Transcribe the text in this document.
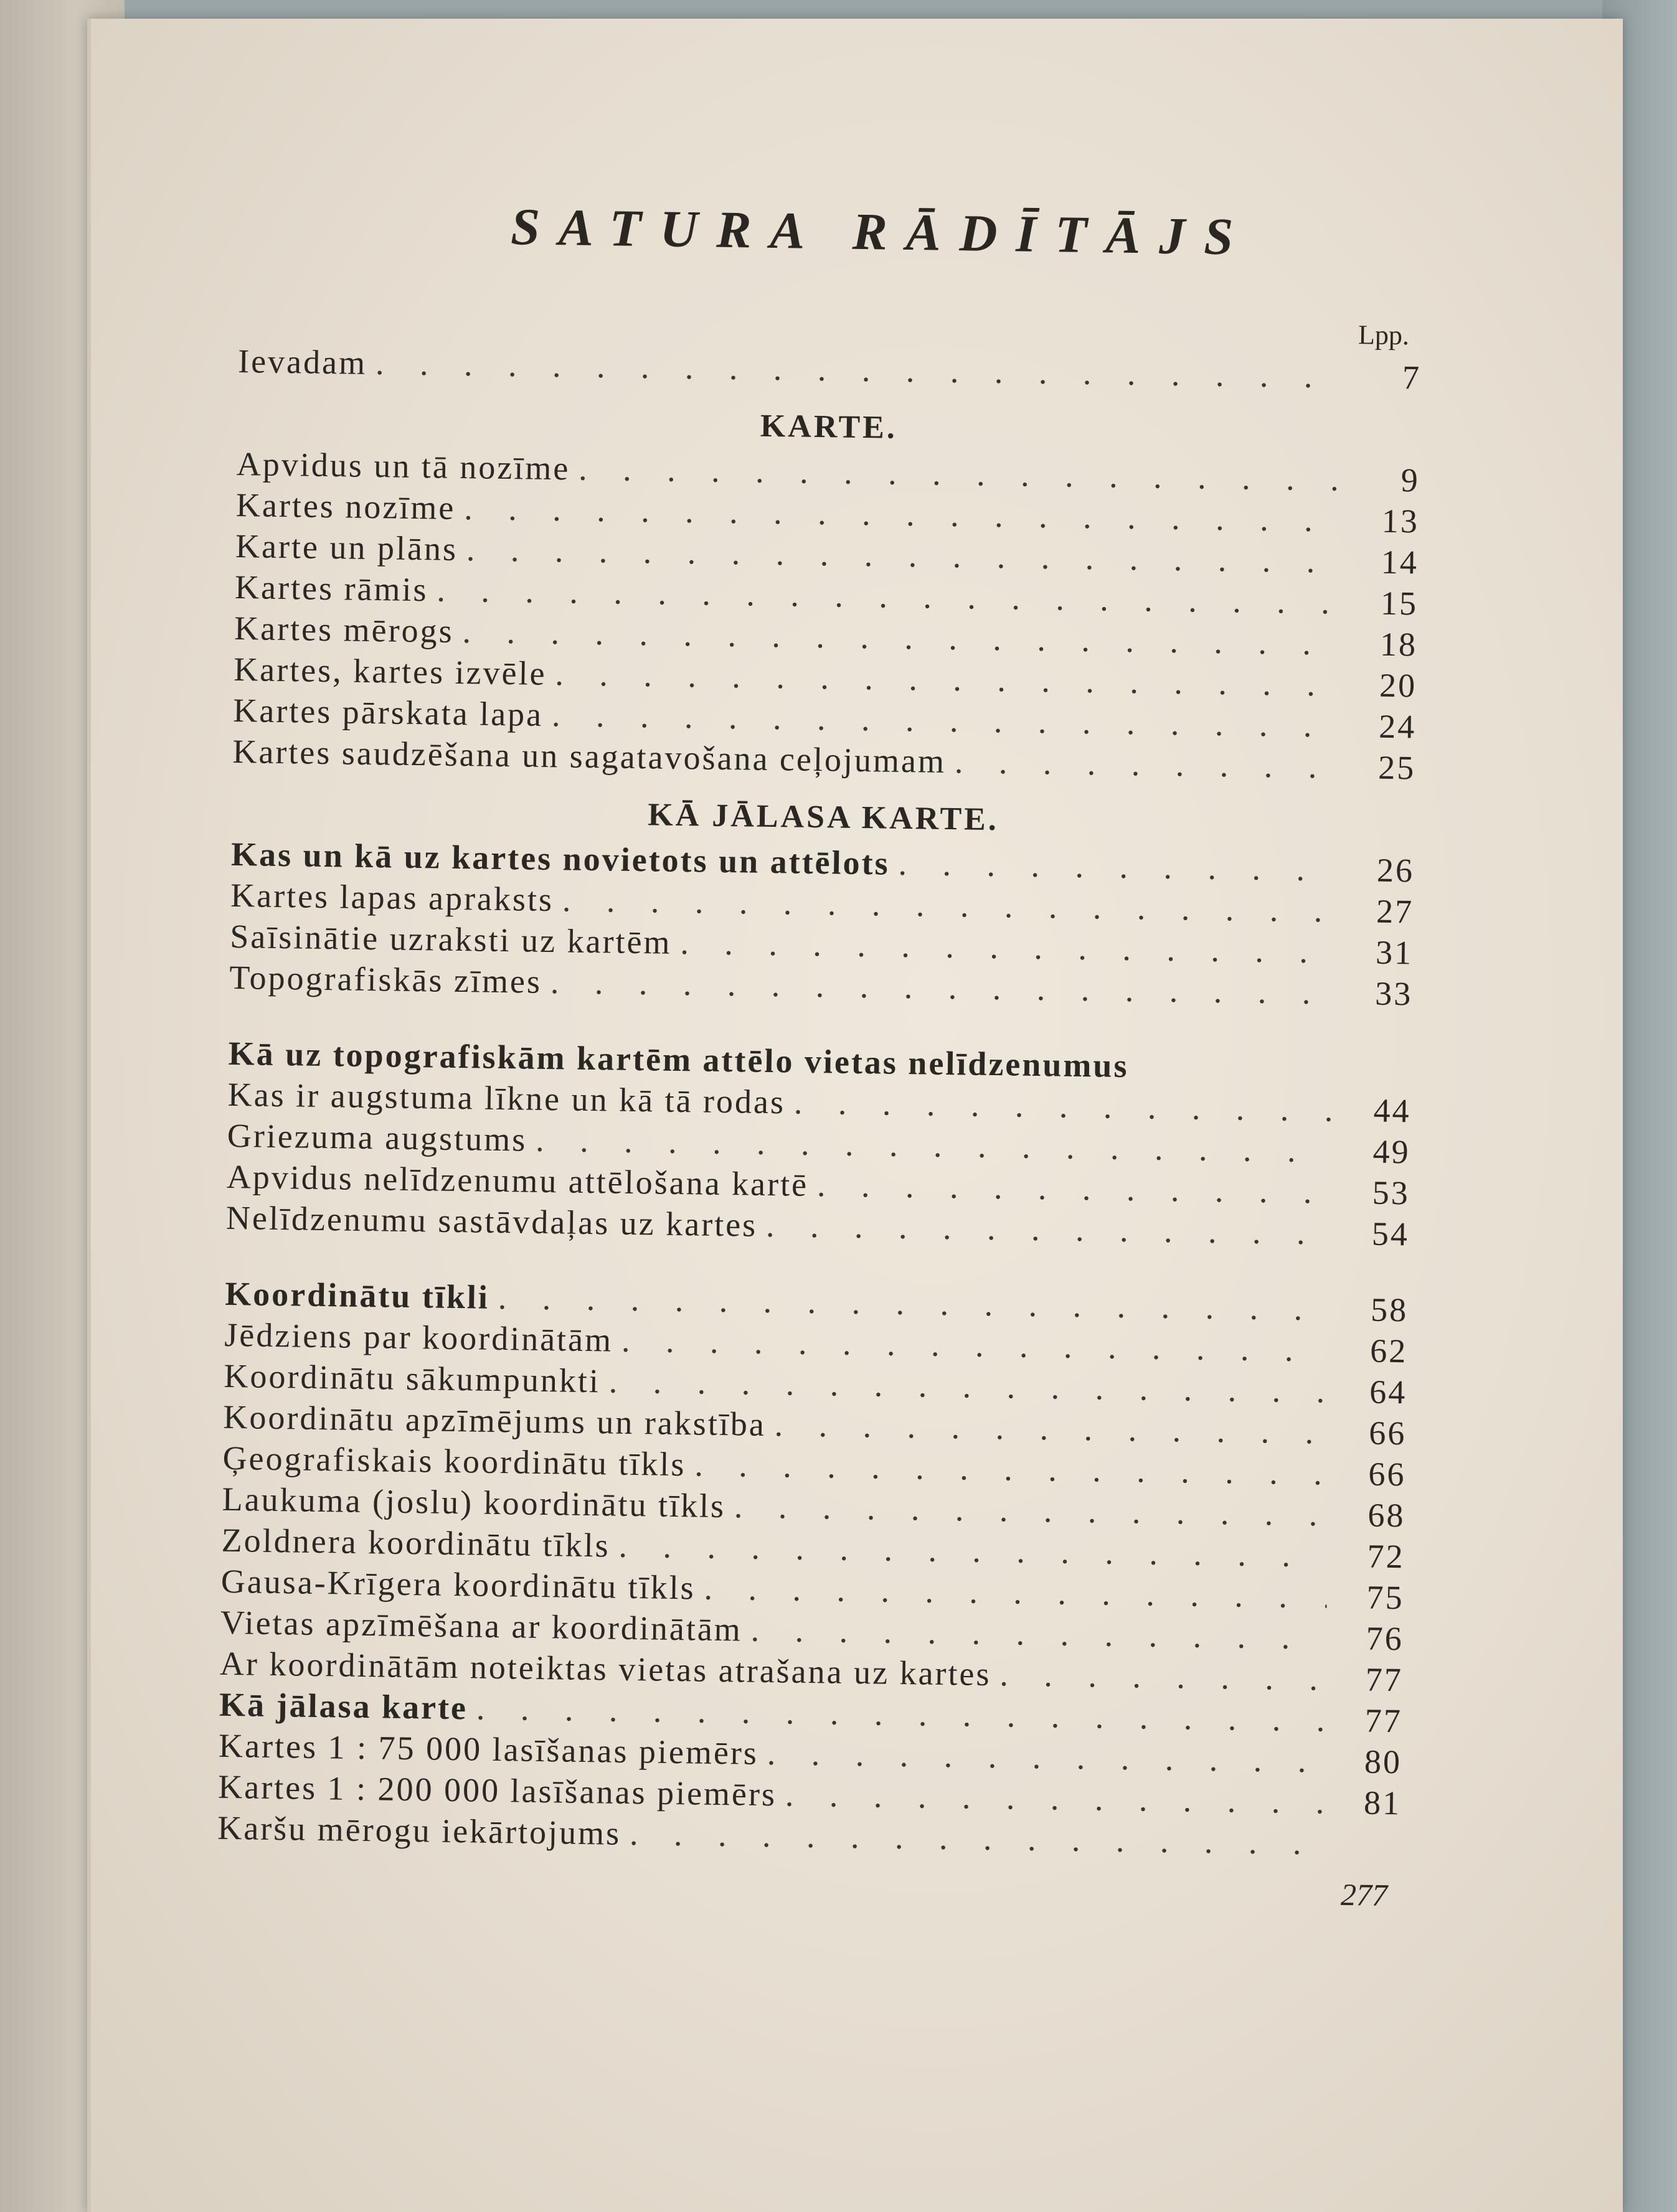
SATURA RĀDĪTĀJS
Lpp.
Ievadam . . .	7
KARTE.
Apvidus un tā nozīme . . .	9
Kartes nozīme . . .	13
Karte un plāns . . .	14
Kartes rāmis . . .	15
Kartes mērogs . . .	18
Kartes, kartes izvēle . . .	20
Kartes pārskata lapa . . .	24
Kartes saudzēšana un sagatavošana ceļojumam . . .	25
KĀ JĀLASA KARTE.
Kas un kā uz kartes novietots un attēlots . . .	26
Kartes lapas apraksts . . .	27
Saīsinātie uzraksti uz kartēm . . .	31
Topografiskās zīmes . . .	33
Kā uz topografiskām kartēm attēlo vietas nelīdzenumus
Kas ir augstuma līkne un kā tā rodas . . .	44
Griezuma augstums . . .	49
Apvidus nelīdzenumu attēlošana kartē . . .	53
Nelīdzenumu sastāvdaļas uz kartes . . .	54
Koordinātu tīkli . . .	58
Jēdziens par koordinātām . . .	62
Koordinātu sākumpunkti . . .	64
Koordinātu apzīmējums un rakstība . . .	66
Ģeografiskais koordinātu tīkls . . .	66
Laukuma (joslu) koordinātu tīkls . . .	68
Zoldnera koordinātu tīkls . . .	72
Gausa-Krīgera koordinātu tīkls . . .	75
Vietas apzīmēšana ar koordinātām . . .	76
Ar koordinātām noteiktas vietas atrašana uz kartes . . .	77
Kā jālasa karte . . .	77
Kartes 1 : 75 000 lasīšanas piemērs . . .	80
Kartes 1 : 200 000 lasīšanas piemērs . . .	81
Karšu mērogu iekārtojums
. . .
277
